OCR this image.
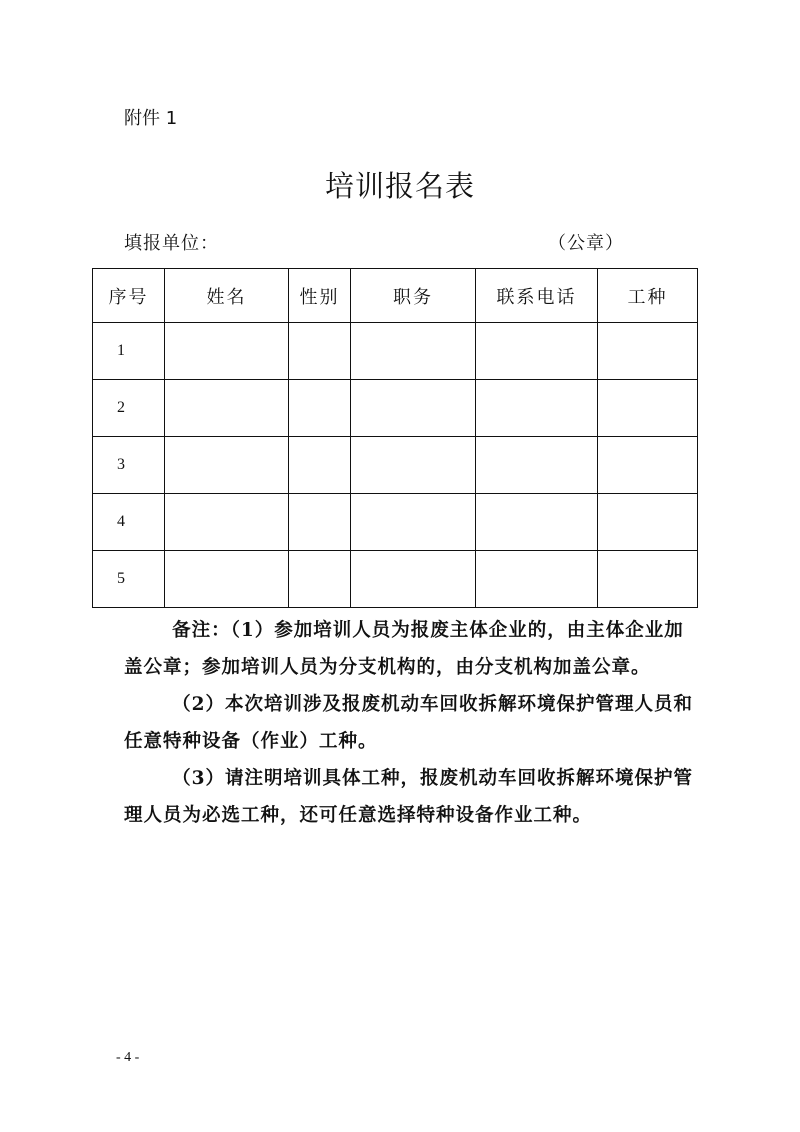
附件 1
培训报名表
填报单位：	（公章）
序号	姓名	性别	职务	联系电话	工种
1					
2					
3					
4					
5					

备注：（1）参加培训人员为报废主体企业的，由主体企业加盖公章；参加培训人员为分支机构的，由分支机构加盖公章。

（2）本次培训涉及报废机动车回收拆解环境保护管理人员和任意特种设备（作业）工种。

（3）请注明培训具体工种，报废机动车回收拆解环境保护管理人员为必选工种，还可任意选择特种设备作业工种。

- 4 -
